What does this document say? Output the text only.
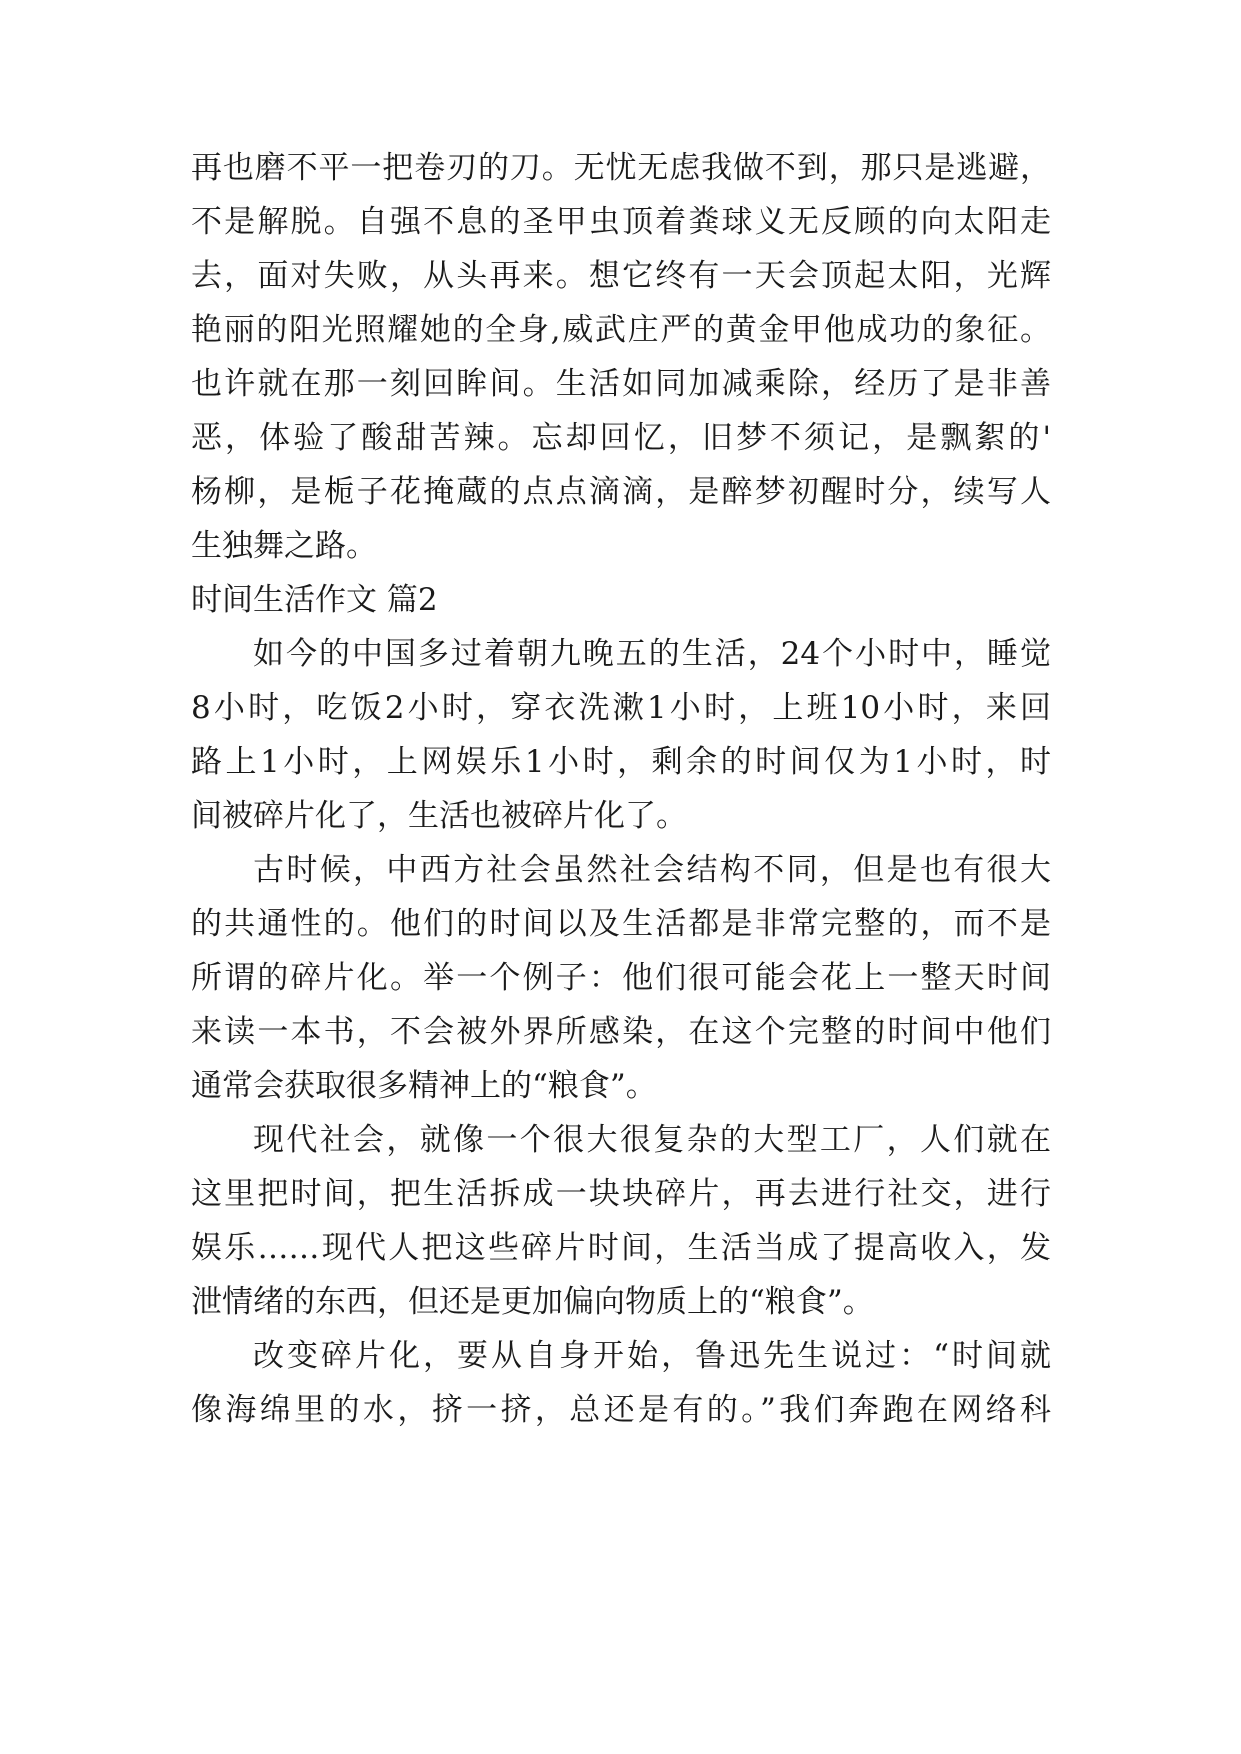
再也磨不平一把卷刃的刀。无忧无虑我做不到，那只是逃避，

不是解脱。自强不息的圣甲虫顶着粪球义无反顾的向太阳走

去，面对失败，从头再来。想它终有一天会顶起太阳，光辉

艳丽的阳光照耀她的全身,威武庄严的黄金甲他成功的象征。

也许就在那一刻回眸间。生活如同加减乘除，经历了是非善

恶，体验了酸甜苦辣。忘却回忆，旧梦不须记，是飘絮的'

杨柳，是栀子花掩蔵的点点滴滴，是醉梦初醒时分，续写人

生独舞之路。

时间生活作文 篇2

如今的中国多过着朝九晚五的生活，24个小时中，睡觉

8小时，吃饭2小时，穿衣洗漱1小时，上班10小时，来回

路上1小时，上网娱乐1小时，剩余的时间仅为1小时，时

间被碎片化了，生活也被碎片化了。

古时候，中西方社会虽然社会结构不同，但是也有很大

的共通性的。他们的时间以及生活都是非常完整的，而不是

所谓的碎片化。举一个例子：他们很可能会花上一整天时间

来读一本书，不会被外界所感染，在这个完整的时间中他们

通常会获取很多精神上的“粮食”。

现代社会，就像一个很大很复杂的大型工厂，人们就在

这里把时间，把生活拆成一块块碎片，再去进行社交，进行

娱乐……现代人把这些碎片时间，生活当成了提高收入，发

泄情绪的东西，但还是更加偏向物质上的“粮食”。

改变碎片化，要从自身开始，鲁迅先生说过：“时间就

像海绵里的水，挤一挤，总还是有的。”我们奔跑在网络科
